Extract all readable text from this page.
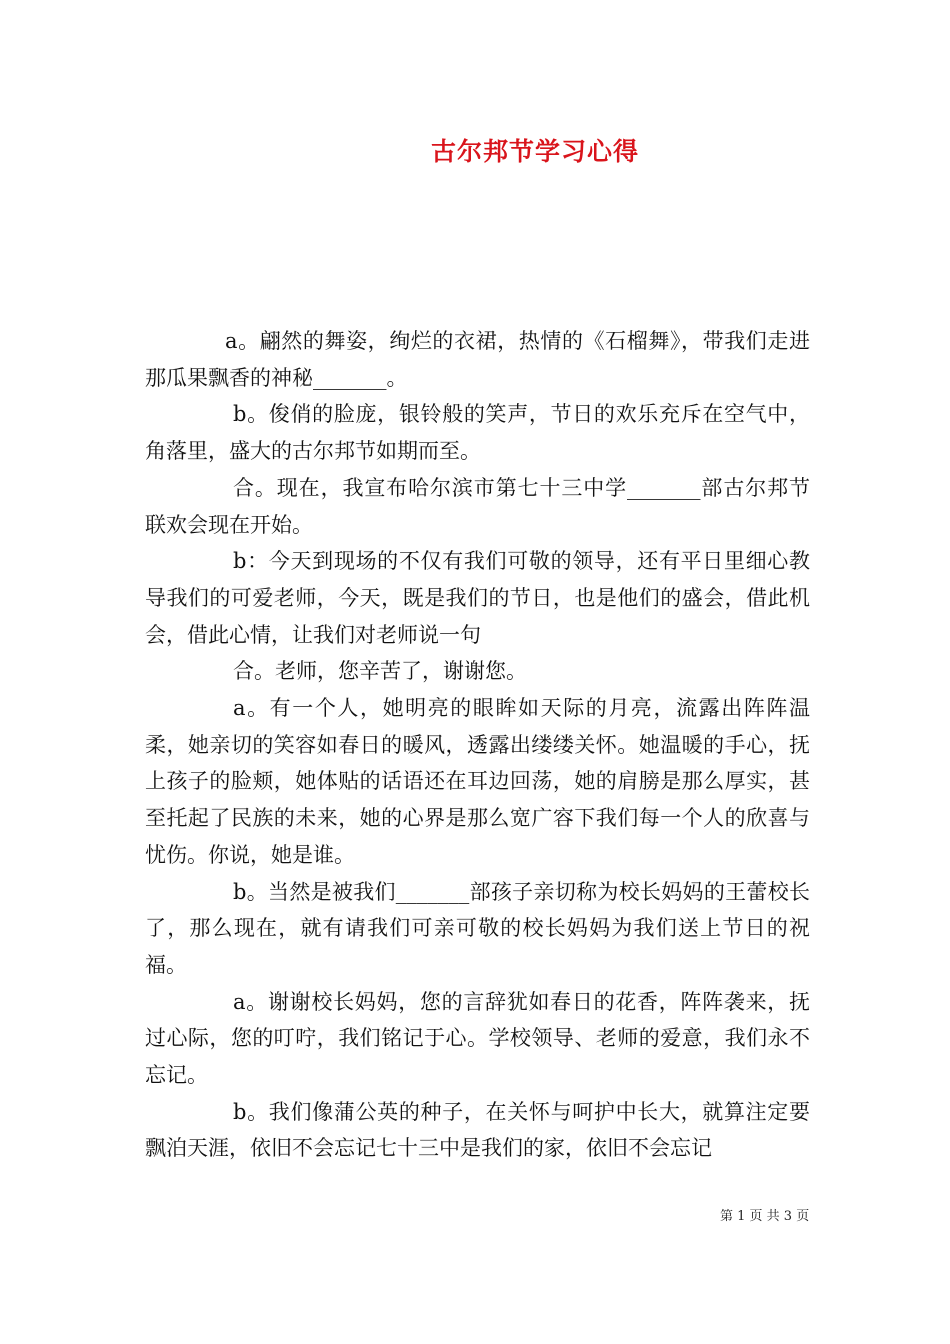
古尔邦节学习心得

a。翩然的舞姿，绚烂的衣裙，热情的《石榴舞》，带我们走进那瓜果飘香的神秘_______。

b。俊俏的脸庞，银铃般的笑声，节日的欢乐充斥在空气中，角落里，盛大的古尔邦节如期而至。

合。现在，我宣布哈尔滨市第七十三中学_______部古尔邦节联欢会现在开始。

b：今天到现场的不仅有我们可敬的领导，还有平日里细心教导我们的可爱老师，今天，既是我们的节日，也是他们的盛会，借此机会，借此心情，让我们对老师说一句

合。老师，您辛苦了，谢谢您。

a。有一个人，她明亮的眼眸如天际的月亮，流露出阵阵温柔，她亲切的笑容如春日的暖风，透露出缕缕关怀。她温暖的手心，抚上孩子的脸颊，她体贴的话语还在耳边回荡，她的肩膀是那么厚实，甚至托起了民族的未来，她的心界是那么宽广容下我们每一个人的欣喜与忧伤。你说，她是谁。

b。当然是被我们_______部孩子亲切称为校长妈妈的王蕾校长了，那么现在，就有请我们可亲可敬的校长妈妈为我们送上节日的祝福。

a。谢谢校长妈妈，您的言辞犹如春日的花香，阵阵袭来，抚过心际，您的叮咛，我们铭记于心。学校领导、老师的爱意，我们永不忘记。

b。我们像蒲公英的种子，在关怀与呵护中长大，就算注定要飘泊天涯，依旧不会忘记七十三中是我们的家，依旧不会忘记

第 1 页 共 3 页
